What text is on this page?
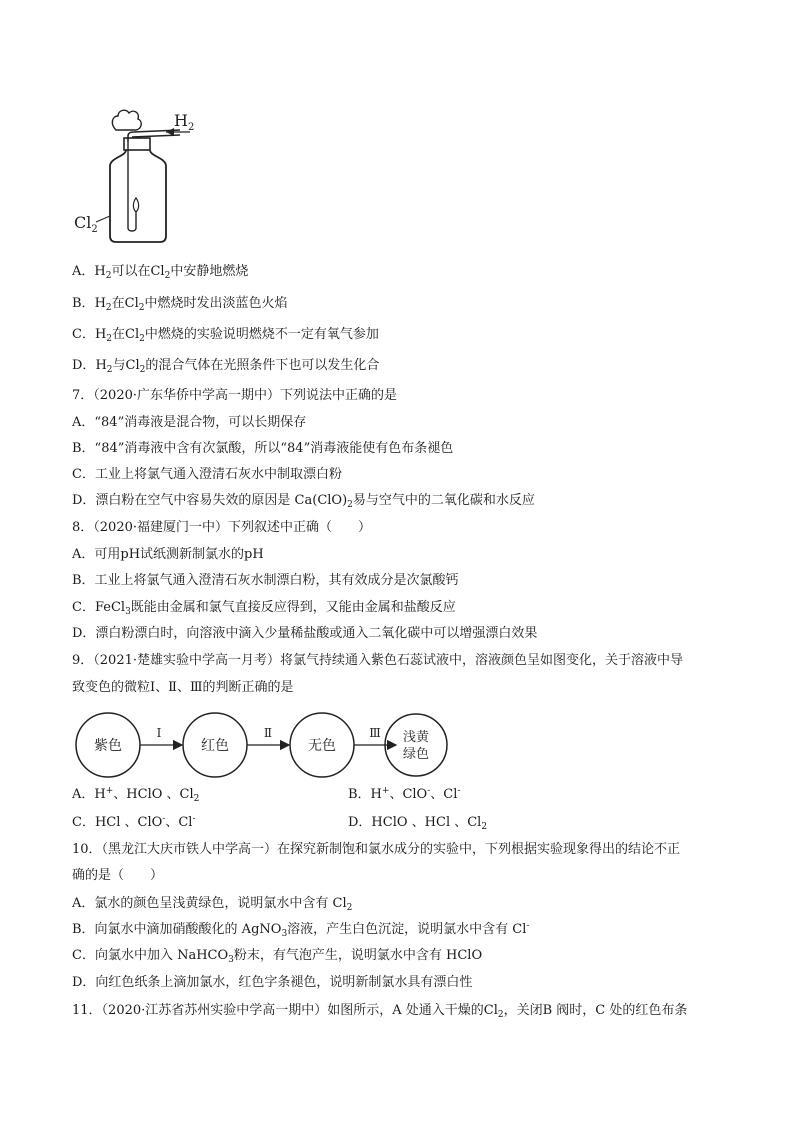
$H_2$
$Cl_2$
A．$H_2$可以在$Cl_2$中安静地燃烧
B．$H_2$在$Cl_2$中燃烧时发出淡蓝色火焰
C．$H_2$在$Cl_2$中燃烧的实验说明燃烧不一定有氧气参加
D．$H_2$与$Cl_2$的混合气体在光照条件下也可以发生化合
7．（2020·广东华侨中学高一期中）下列说法中正确的是
A．“84”消毒液是混合物，可以长期保存
B．“84”消毒液中含有次氯酸，所以“84”消毒液能使有色布条褪色
C．工业上将氯气通入澄清石灰水中制取漂白粉
D．漂白粉在空气中容易失效的原因是 $Ca(ClO)_2$易与空气中的二氧化碳和水反应
8．（2020·福建厦门一中）下列叙述中正确（　　）
A．可用pH试纸测新制氯水的pH
B．工业上将氯气通入澄清石灰水制漂白粉，其有效成分是次氯酸钙
C．FeCl$_3$既能由金属和氯气直接反应得到，又能由金属和盐酸反应
D．漂白粉漂白时，向溶液中滴入少量稀盐酸或通入二氧化碳中可以增强漂白效果
9．（2021·楚雄实验中学高一月考）将氯气持续通入紫色石蕊试液中，溶液颜色呈如图变化，关于溶液中导
致变色的微粒Ⅰ、Ⅱ、Ⅲ的判断正确的是
紫色
Ⅰ
红色
Ⅱ
无色
Ⅲ 浅黄
绿色
A．H+、HClO 、$Cl_2$	B．H+、ClO-、Cl-
C．HCl 、ClO-、Cl-	D．HClO 、HCl 、$Cl_2$
10．（黑龙江大庆市铁人中学高一）在探究新制饱和氯水成分的实验中，下列根据实验现象得出的结论不正
确的是（　　）
A．氯水的颜色呈浅黄绿色，说明氯水中含有 $Cl_2$
B．向氯水中滴加硝酸酸化的 AgNO$_3$溶液，产生白色沉淀，说明氯水中含有 Cl-
C．向氯水中加入 NaHCO$_3$粉末，有气泡产生，说明氯水中含有 HClO
D．向红色纸条上滴加氯水，红色字条褪色，说明新制氯水具有漂白性
11．（2020·江苏省苏州实验中学高一期中）如图所示，A 处通入干燥的$Cl_2$，关闭B 阀时，C 处的红色布条
